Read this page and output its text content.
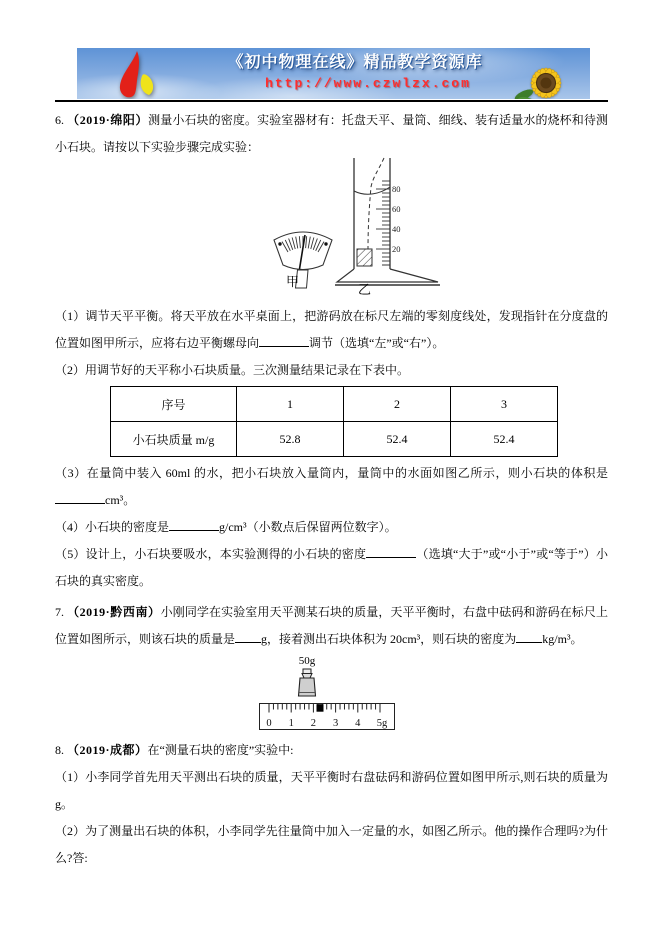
《初中物理在线》精品教学资源库
http://www.czwlzx.com

6. （2019·绵阳）测量小石块的密度。实验室器材有：托盘天平、量筒、细线、装有适量水的烧杯和待测小石块。请按以下实验步骤完成实验：

80
60
40
20
甲
乙

（1）调节天平平衡。将天平放在水平桌面上，把游码放在标尺左端的零刻度线处，发现指针在分度盘的位置如图甲所示，应将右边平衡螺母向	调节（选填“左”或“右”）。

（2）用调节好的天平称小石块质量。三次测量结果记录在下表中。

序号	1	2	3
小石块质量 m/g	52.8	52.4	52.4

（3）在量筒中装入 60ml 的水，把小石块放入量筒内，量筒中的水面如图乙所示，则小石块的体积是cm³。

（4）小石块的密度是	g/cm³（小数点后保留两位数字）。

（5）设计上，小石块要吸水，本实验测得的小石块的密度	（选填“大于”或“小于”或“等于”）小石块的真实密度。

7. （2019·黔西南）小刚同学在实验室用天平测某石块的质量，天平平衡时，右盘中砝码和游码在标尺上位置如图所示，则该石块的质量是 g，接着测出石块体积为 20cm³，则石块的密度为 kg/m³。

50g
0 1 2 3 4 5g

8. （2019·成都）在“测量石块的密度”实验中:

（1）小李同学首先用天平测出石块的质量，天平平衡时右盘砝码和游码位置如图甲所示,则石块的质量为g。

（2）为了测量出石块的体积，小李同学先往量筒中加入一定量的水，如图乙所示。他的操作合理吗?为什么?答:
